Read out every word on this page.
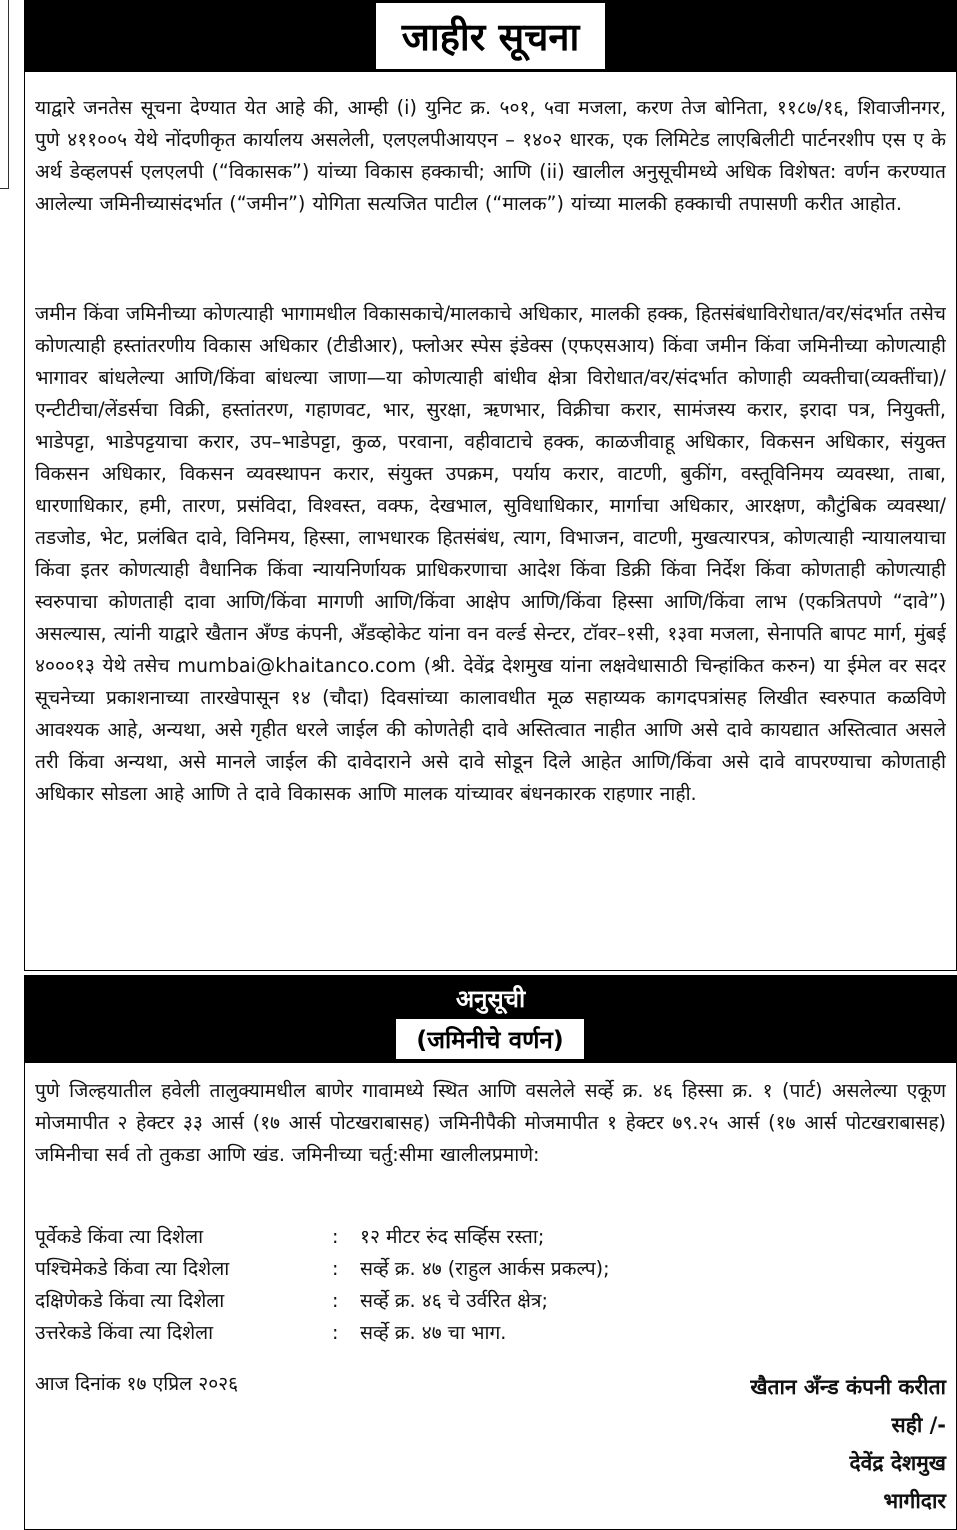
जाहीर सूचना

याद्वारे जनतेस सूचना देण्यात येत आहे की, आम्ही (i) युनिट क्र. ५०१, ५वा मजला, करण तेज बोनिता, ११८७/१६, शिवाजीनगर, पुणे ४११००५ येथे नोंदणीकृत कार्यालय असलेली, एलएलपीआयएन – १४०२ धारक, एक लिमिटेड लाएबिलीटी पार्टनरशीप एस ए के अर्थ डेव्हलपर्स एलएलपी (“विकासक”) यांच्या विकास हक्काची; आणि (ii) खालील अनुसूचीमध्ये अधिक विशेषत: वर्णन करण्यात आलेल्या जमिनीच्यासंदर्भात (“जमीन”) योगिता सत्यजित पाटील (“मालक”) यांच्या मालकी हक्काची तपासणी करीत आहोत.

जमीन किंवा जमिनीच्या कोणत्याही भागामधील विकासकाचे/मालकाचे अधिकार, मालकी हक्क, हितसंबंधाविरोधात/वर/संदर्भात तसेच कोणत्याही हस्तांतरणीय विकास अधिकार (टीडीआर), फ्लोअर स्पेस इंडेक्स (एफएसआय) किंवा जमीन किंवा जमिनीच्या कोणत्याही भागावर बांधलेल्या आणि/किंवा बांधल्या जाणा—या कोणत्याही बांधीव क्षेत्रा विरोधात/वर/संदर्भात कोणाही व्यक्तीचा(व्यक्तींचा)/एन्टीटीचा/लेंडर्सचा विक्री, हस्तांतरण, गहाणवट, भार, सुरक्षा, ऋणभार, विक्रीचा करार, सामंजस्य करार, इरादा पत्र, नियुक्ती, भाडेपट्टा, भाडेपट्टयाचा करार, उप–भाडेपट्टा, कुळ, परवाना, वहीवाटाचे हक्क, काळजीवाहू अधिकार, विकसन अधिकार, संयुक्त विकसन अधिकार, विकसन व्यवस्थापन करार, संयुक्त उपक्रम, पर्याय करार, वाटणी, बुकींग, वस्तूविनिमय व्यवस्था, ताबा, धारणाधिकार, हमी, तारण, प्रसंविदा, विश्वस्त, वक्फ, देखभाल, सुविधाधिकार, मार्गाचा अधिकार, आरक्षण, कौटुंबिक व्यवस्था/तडजोड, भेट, प्रलंबित दावे, विनिमय, हिस्सा, लाभधारक हितसंबंध, त्याग, विभाजन, वाटणी, मुखत्यारपत्र, कोणत्याही न्यायालयाचा किंवा इतर कोणत्याही वैधानिक किंवा न्यायनिर्णायक प्राधिकरणाचा आदेश किंवा डिक्री किंवा निर्देश किंवा कोणताही कोणत्याही स्वरुपाचा कोणताही दावा आणि/किंवा मागणी आणि/किंवा आक्षेप आणि/किंवा हिस्सा आणि/किंवा लाभ (एकत्रितपणे “दावे”) असल्यास, त्यांनी याद्वारे खैतान अँण्ड कंपनी, अँडव्होकेट यांना वन वर्ल्ड सेन्टर, टॉवर–१सी, १३वा मजला, सेनापति बापट मार्ग, मुंबई ४०००१३ येथे तसेच mumbai@khaitanco.com (श्री. देवेंद्र देशमुख यांना लक्षवेधासाठी चिन्हांकित करुन) या ईमेल वर सदर सूचनेच्या प्रकाशनाच्या तारखेपासून १४ (चौदा) दिवसांच्या कालावधीत मूळ सहाय्यक कागदपत्रांसह लिखीत स्वरुपात कळविणे आवश्यक आहे, अन्यथा, असे गृहीत धरले जाईल की कोणतेही दावे अस्तित्वात नाहीत आणि असे दावे कायद्यात अस्तित्वात असले तरी किंवा अन्यथा, असे मानले जाईल की दावेदाराने असे दावे सोडून दिले आहेत आणि/किंवा असे दावे वापरण्याचा कोणताही अधिकार सोडला आहे आणि ते दावे विकासक आणि मालक यांच्यावर बंधनकारक राहणार नाही.

अनुसूची
(जमिनीचे वर्णन)

पुणे जिल्हयातील हवेली तालुक्यामधील बाणेर गावामध्ये स्थित आणि वसलेले सर्व्हे क्र. ४६ हिस्सा क्र. १ (पार्ट) असलेल्या एकूण मोजमापीत २ हेक्टर ३३ आर्स (१७ आर्स पोटखराबासह) जमिनीपैकी मोजमापीत १ हेक्टर ७९.२५ आर्स (१७ आर्स पोटखराबासह) जमिनीचा सर्व तो तुकडा आणि खंड. जमिनीच्या चर्तु:सीमा खालीलप्रमाणे:

पूर्वेकडे किंवा त्या दिशेला	: १२ मीटर रुंद सर्व्हिस रस्ता;
पश्चिमेकडे किंवा त्या दिशेला	: सर्व्हे क्र. ४७ (राहुल आर्कस प्रकल्प);
दक्षिणेकडे किंवा त्या दिशेला	: सर्व्हे क्र. ४६ चे उर्वरित क्षेत्र;
उत्तरेकडे किंवा त्या दिशेला	: सर्व्हे क्र. ४७ चा भाग.
आज दिनांक १७ एप्रिल २०२६	खैतान अँन्ड कंपनी करीता
सही /-
देवेंद्र देशमुख
भागीदार
